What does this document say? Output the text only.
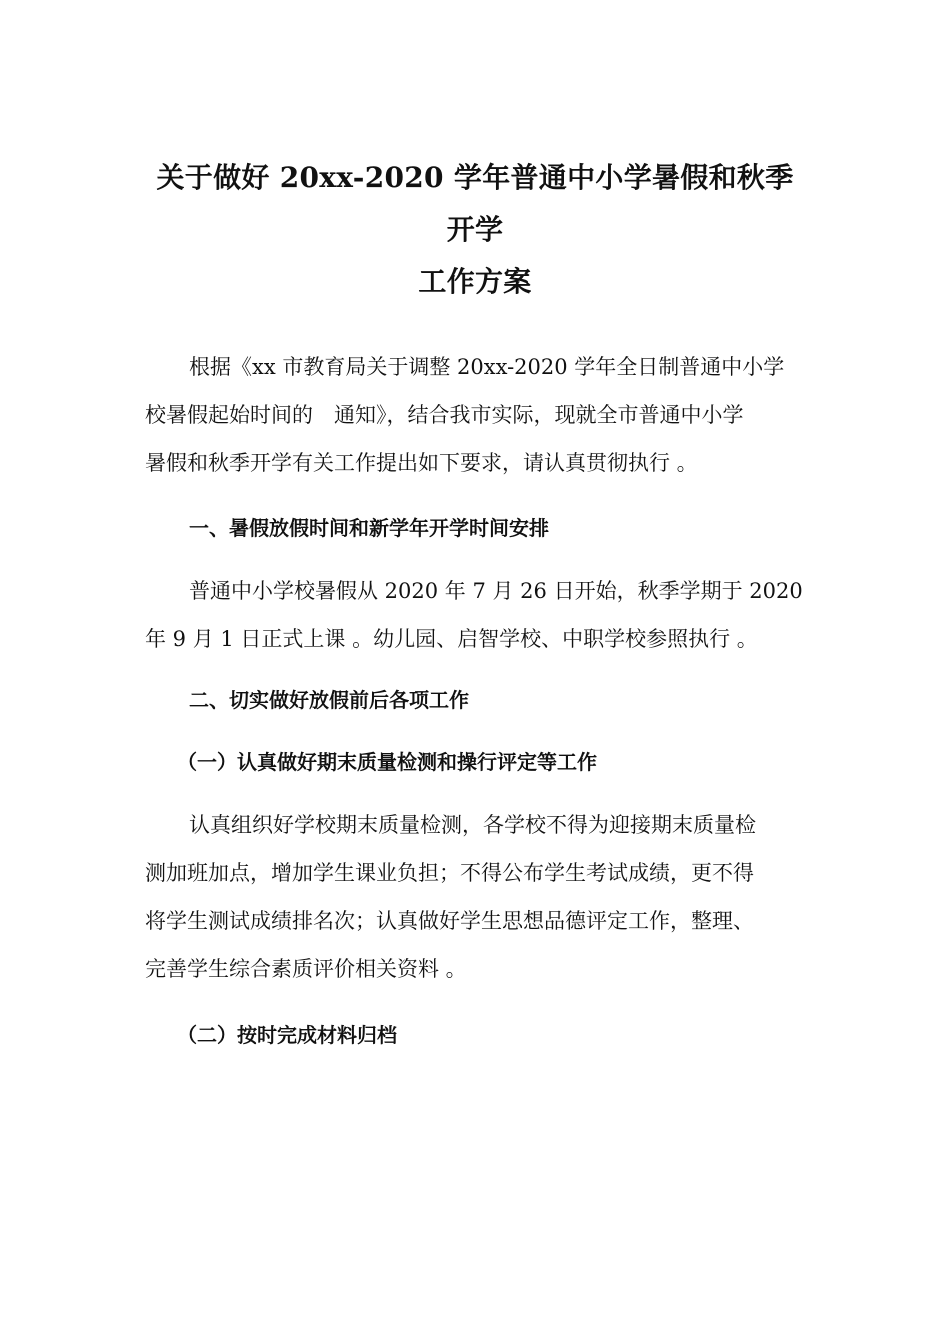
关于做好 20xx-2020 学年普通中小学暑假和秋季开学
工作方案

根据《xx 市教育局关于调整 20xx-2020 学年全日制普通中小学
校暑假起始时间的　通知》，结合我市实际，现就全市普通中小学
暑假和秋季开学有关工作提出如下要求，请认真贯彻执行 。

一、暑假放假时间和新学年开学时间安排

普通中小学校暑假从 2020 年 7 月 26 日开始，秋季学期于 2020
年 9 月 1 日正式上课 。幼儿园、启智学校、中职学校参照执行 。

二、切实做好放假前后各项工作
（一）认真做好期末质量检测和操行评定等工作

认真组织好学校期末质量检测，各学校不得为迎接期末质量检
测加班加点，增加学生课业负担；不得公布学生考试成绩，更不得
将学生测试成绩排名次；认真做好学生思想品德评定工作，整理、
完善学生综合素质评价相关资料 。

（二）按时完成材料归档
